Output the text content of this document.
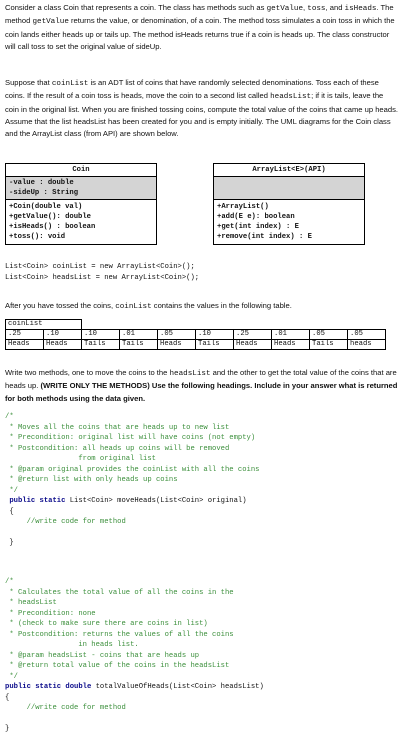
Consider a class Coin that represents a coin. The class has methods such as getValue, toss, and isHeads. The method getValue returns the value, or denomination, of a coin. The method toss simulates a coin toss in which the coin lands either heads up or tails up. The method isHeads returns true if a coin is heads up. The class constructor will call toss to set the original value of sideUp.

Suppose that coinList is an ADT list of coins that have randomly selected denominations. Toss each of these coins. If the result of a coin toss is heads, move the coin to a second list called headsList; if it is tails, leave the coin in the original list. When you are finished tossing coins, compute the total value of the coins that came up heads. Assume that the list headsList has been created for you and is empty initially. The UML diagrams for the Coin class and the ArrayList class (from API) are shown below.

Coin
-value : double
-sideUp : String
+Coin(double val)
+getValue(): double
+isHeads() : boolean
+toss(): void
ArrayList<E>(API)
+ArrayList()
+add(E e): boolean
+get(int index) : E
+remove(int index) : E
List<Coin> coinList = new ArrayList<Coin>();
List<Coin> headsList = new ArrayList<Coin>();

After you have tossed the coins, coinList contains the values in the following table.

coinList									
.25	.10	.10	.01	.05	.10	.25	.01	.05	.05
Heads	Heads	Tails	Tails	Heads	Tails	Heads	Heads	Tails	heads

Write two methods, one to move the coins to the headsList and the other to get the total value of the coins that are heads up. (WRITE ONLY THE METHODS) Use the following headings. Include in your answer what is returned for both methods using the data given.

/*
* Moves all the coins that are heads up to new list
* Precondition: original list will have coins (not empty)
* Postcondition: all heads up coins will be removed
from original list
* @param original provides the coinList with all the coins
* @return list with only heads up coins
*/
public static List<Coin> moveHeads(List<Coin> original)
{
//write code for method

}
/*
* Calculates the total value of all the coins in the
* headsList
* Precondition: none
* (check to make sure there are coins in list)
* Postcondition: returns the values of all the coins
in heads list.
* @param headsList - coins that are heads up
* @return total value of the coins in the headsList
*/
public static double totalValueOfHeads(List<Coin> headsList)
{
//write code for method

}
